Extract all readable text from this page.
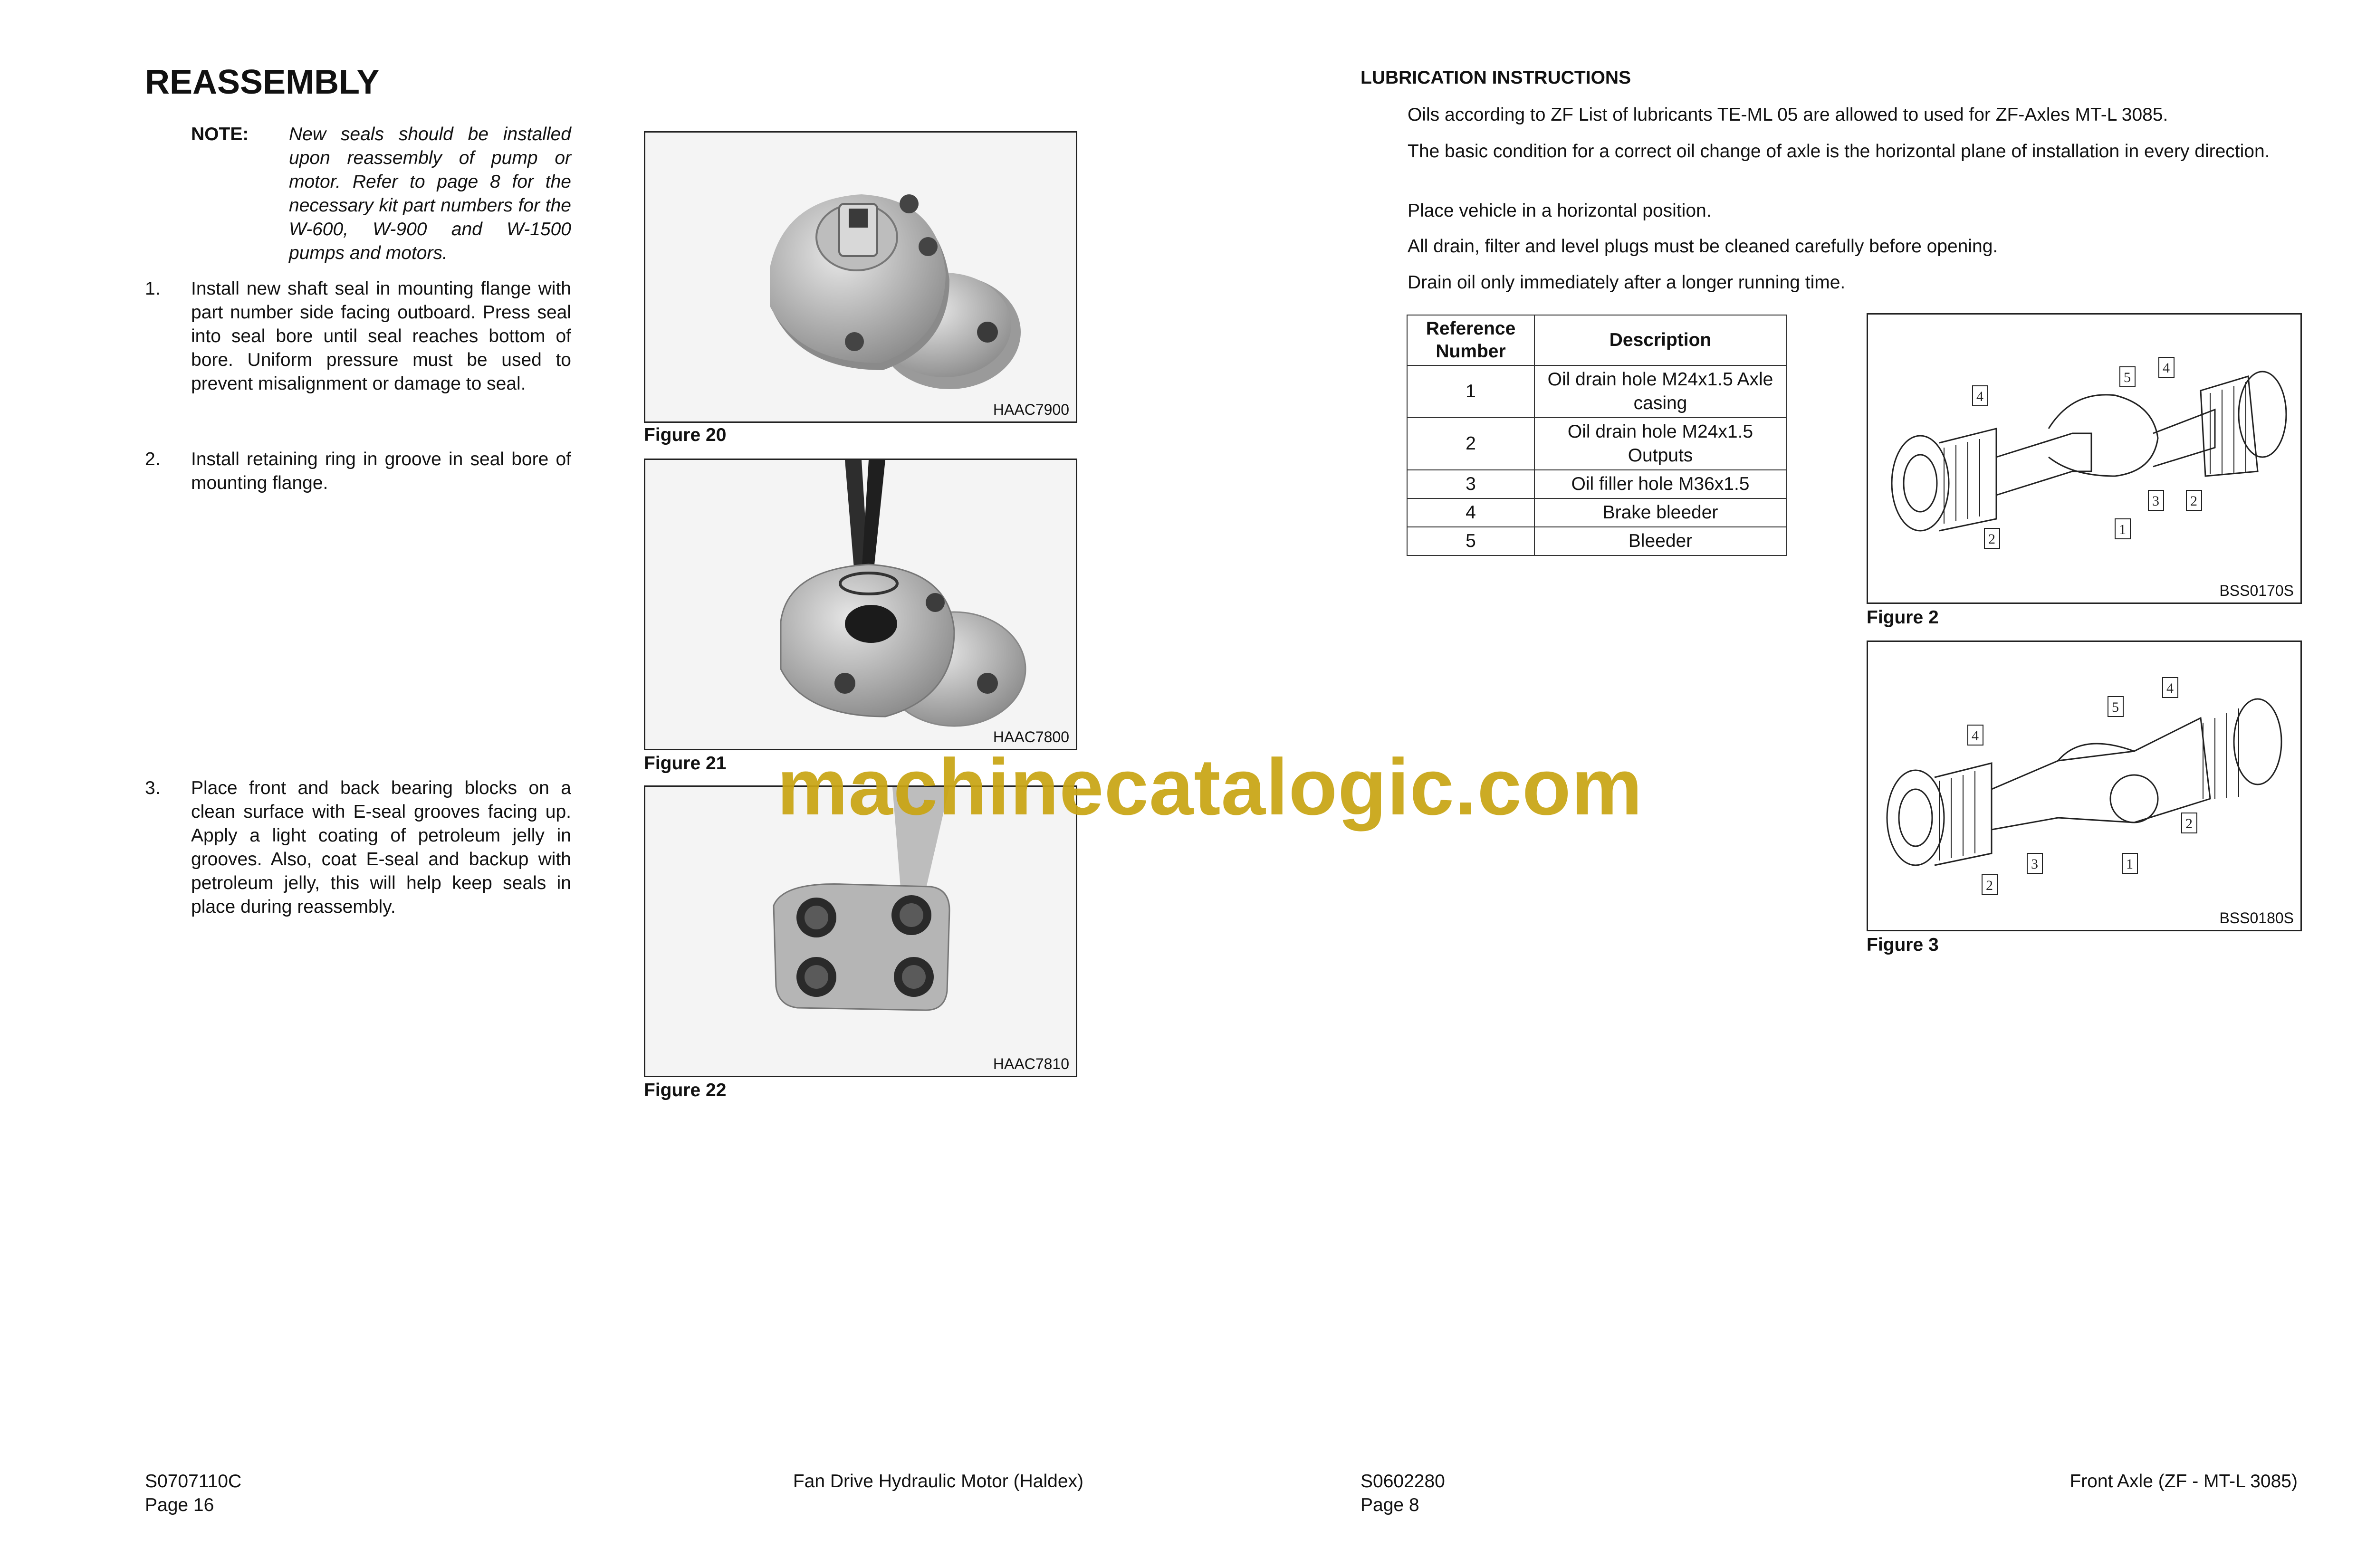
REASSEMBLY
NOTE: New seals should be installed upon reassembly of pump or motor. Refer to page 8 for the necessary kit part numbers for the W-600, W-900 and W-1500 pumps and motors.
1. Install new shaft seal in mounting flange with part number side facing outboard. Press seal into seal bore until seal reaches bottom of bore. Uniform pressure must be used to prevent misalignment or damage to seal.
2. Install retaining ring in groove in seal bore of mounting flange.
3. Place front and back bearing blocks on a clean surface with E-seal grooves facing up. Apply a light coating of petroleum jelly in grooves. Also, coat E-seal and backup with petroleum jelly, this will help keep seals in place during reassembly.
HAAC7900
Figure 20
HAAC7800
Figure 21
HAAC7810
Figure 22
S0707110C
Page 16
Fan Drive Hydraulic Motor (Haldex)
LUBRICATION INSTRUCTIONS
Oils according to ZF List of lubricants TE-ML 05 are allowed to used for ZF-Axles MT-L 3085.
The basic condition for a correct oil change of axle is the horizontal plane of installation in every direction.
Place vehicle in a horizontal position.
All drain, filter and level plugs must be cleaned carefully before opening.
Drain oil only immediately after a longer running time.
Reference Number	Description
1	Oil drain hole M24x1.5 Axle casing
2	Oil drain hole M24x1.5 Outputs
3	Oil filler hole M36x1.5
4	Brake bleeder
5	Bleeder
4
5
4
2
3
1
2
BSS0170S
Figure 2
4
5
4
2
3	1
2
BSS0180S
Figure 3
S0602280
Page 8
Front Axle (ZF - MT-L 3085)
machinecatalogic.com
